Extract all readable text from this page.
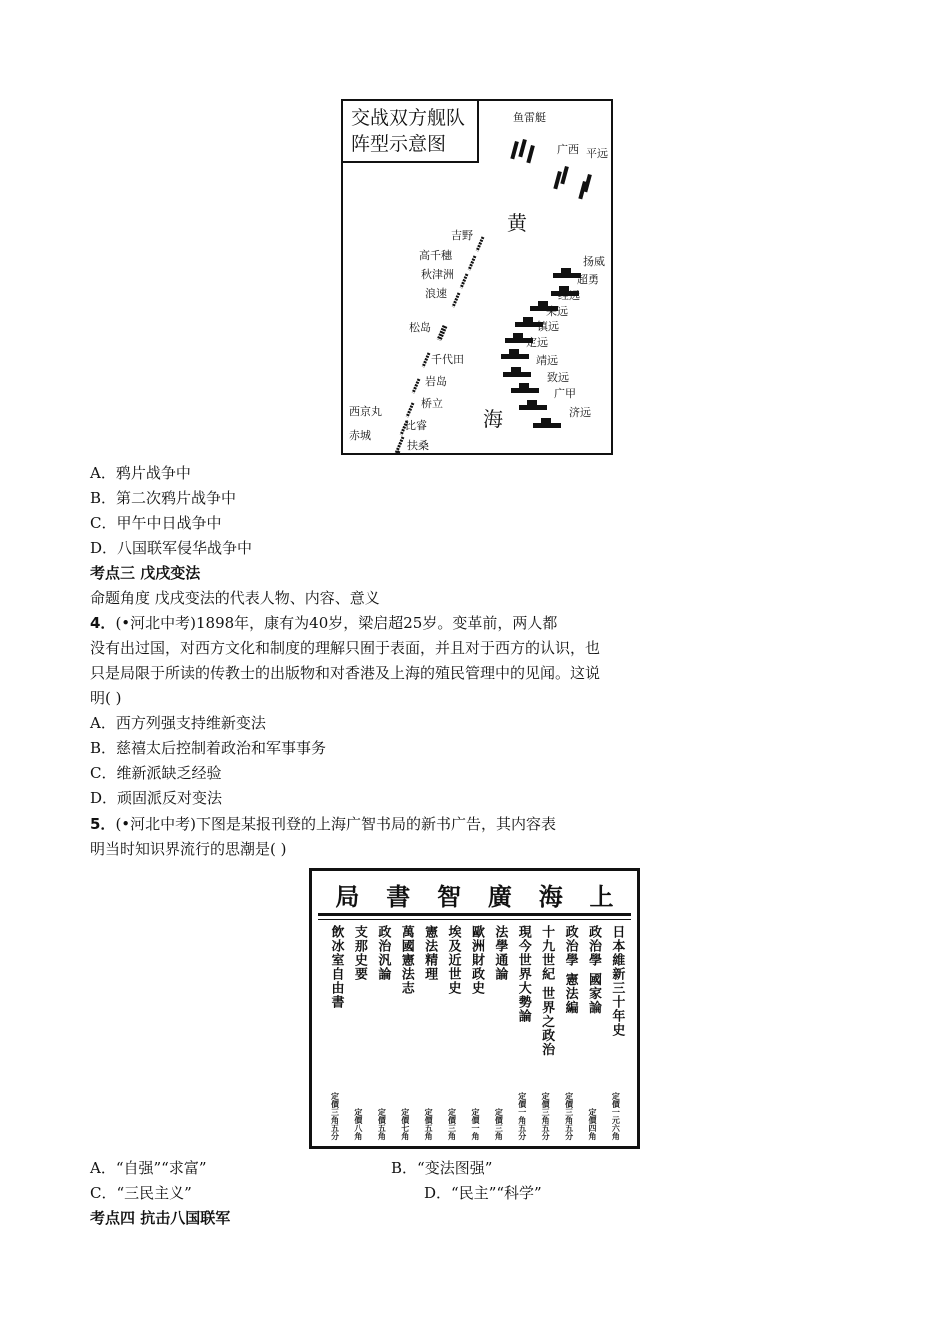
交战双方舰队
阵型示意图
鱼雷艇
广西 平远
扬威
超勇
经远
来远
镇远
定远
靖远
致远
广甲
济远
吉野
高千穗
秋津洲
浪速
松岛
千代田
岩岛
桥立
西京丸
比睿
赤城
扶桑
黄
海
A．鸦片战争中
B．第二次鸦片战争中
C．甲午中日战争中
D．八国联军侵华战争中
考点三 戊戌变法
命题角度 戊戌变法的代表人物、内容、意义
4．(•河北中考)1898年，康有为40岁，梁启超25岁。变革前，两人都
没有出过国，对西方文化和制度的理解只囿于表面，并且对于西方的认识，也
只是局限于所读的传教士的出版物和对香港及上海的殖民管理中的见闻。这说
明( )
A．西方列强支持维新变法
B．慈禧太后控制着政治和军事事务
C．维新派缺乏经验
D．顽固派反对变法
5．(•河北中考)下图是某报刊登的上海广智书局的新书广告，其内容表
明当时知识界流行的思潮是( )
局 書 智 廣 海 上
日本維新三十年史
定價一元六角
政治學 國家論
定價四角
政治學 憲法編
定價三角五分
十九世紀 世界之政治
定價三角五分
現今世界大勢論
定價一角五分
法學通論
定價三角
歐洲財政史
定價一角
埃及近世史
定價三角
憲法精理
定價五角
萬國憲法志
定價七角
政治汎論
定價五角
支那史要
定價八角
飲冰室自由書
定價三角五分
A．“自强”“求富”	B．“变法图强”
C．“三民主义”	D．“民主”“科学”
考点四 抗击八国联军
